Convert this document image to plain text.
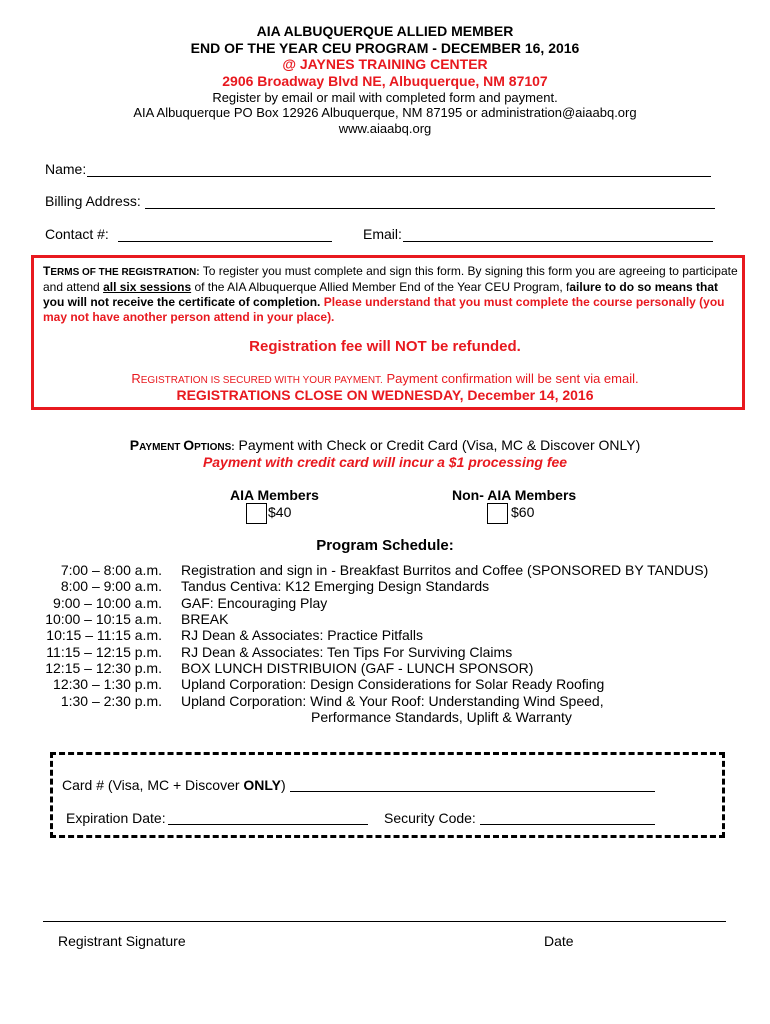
AIA ALBUQUERQUE ALLIED MEMBER
END OF THE YEAR CEU PROGRAM - DECEMBER 16, 2016
@ JAYNES TRAINING CENTER
2906 Broadway Blvd NE, Albuquerque, NM 87107
Register by email or mail with completed form and payment.
AIA Albuquerque PO Box 12926 Albuquerque, NM 87195 or administration@aiaabq.org
www.aiaabq.org
Name:
Billing Address:
Contact #:	Email:
TERMS OF THE REGISTRATION: To register you must complete and sign this form. By signing this form you are agreeing to participate and attend all six sessions of the AIA Albuquerque Allied Member End of the Year CEU Program, failure to do so means that you will not receive the certificate of completion. Please understand that you must complete the course personally (you may not have another person attend in your place).
Registration fee will NOT be refunded.
REGISTRATION IS SECURED WITH YOUR PAYMENT. Payment confirmation will be sent via email.
REGISTRATIONS CLOSE ON WEDNESDAY, December 14, 2016
PAYMENT OPTIONS: Payment with Check or Credit Card (Visa, MC & Discover ONLY)
Payment with credit card will incur a $1 processing fee
AIA Members
$40
Non- AIA Members
$60
Program Schedule:
7:00 – 8:00 a.m. Registration and sign in - Breakfast Burritos and Coffee (SPONSORED BY TANDUS)
8:00 – 9:00 a.m. Tandus Centiva: K12 Emerging Design Standards
9:00 – 10:00 a.m. GAF: Encouraging Play
10:00 – 10:15 a.m. BREAK
10:15 – 11:15 a.m. RJ Dean & Associates: Practice Pitfalls
11:15 – 12:15 p.m. RJ Dean & Associates: Ten Tips For Surviving Claims
12:15 – 12:30 p.m. BOX LUNCH DISTRIBUION (GAF - LUNCH SPONSOR)
12:30 – 1:30 p.m. Upland Corporation: Design Considerations for Solar Ready Roofing
1:30 – 2:30 p.m. Upland Corporation: Wind & Your Roof: Understanding Wind Speed,
Performance Standards, Uplift & Warranty
Card # (Visa, MC + Discover ONLY)
Expiration Date:	Security Code:
Registrant Signature	Date
